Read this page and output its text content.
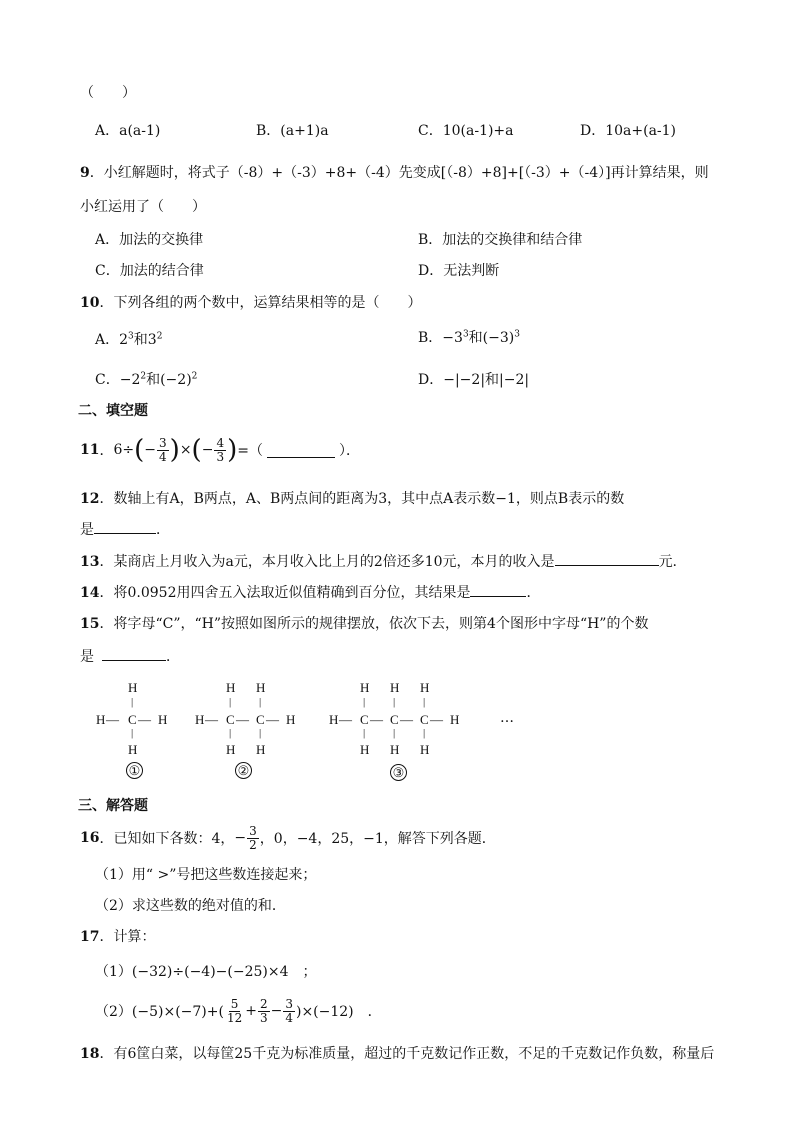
（　　）
A．a(a-1)	B．(a+1)a	C．10(a-1)+a	D．10a+(a-1)
9．小红解题时，将式子（-8）+（-3）+8+（-4）先变成[（-8）+8]+[（-3）+（-4）]再计算结果，则
小红运用了（　　）
A．加法的交换律	B．加法的交换律和结合律
C．加法的结合律	D．无法判断
10．下列各组的两个数中，运算结果相等的是（　　）
A．$2^3$和$3^2$	B．$-3^3$和$(-3)^3$
C．$-2^2$和$(-2)^2$	D．−|−2|和|−2|
二、填空题
11 ． 6÷ ( − $\frac{3}{4}$ ) × ( − $\frac{4}{3}$ ) =（	）．
12．数轴上有A，B两点，A、B两点间的距离为3，其中点A表示数−1，则点B表示的数
是	．
13．某商店上月收入为a元，本月收入比上月的2倍还多10元，本月的收入是	元.
14．将0.0952用四舍五入法取近似值精确到百分位，其结果是	．
15．将字母“C”，“H”按照如图所示的规律摆放，依次下去，则第4个图形中字母“H”的个数
是	．
H
|
H — C — H
|
H
①
H H
|	|
H — C — C — H
|	|
H H
②
H H H
|	|	|
H — C — C — C — H
|	|	|
H H H
③
…
三、解答题
16 ．已知如下各数：4， − $\frac{3}{2}$ ，0，−4，25，−1，解答下列各题．
（1）用“ >”号把这些数连接起来；
（2）求这些数的绝对值的和．
17．计算：
（1）(−32)÷(−4)−(−25)×4　；
$(2)(-5)\times(-7)+( \frac{5}{12} + \frac{2}{3} - \frac{3}{4} )\times(-12)$　．
18．有6筐白菜，以每筐25千克为标准质量，超过的千克数记作正数，不足的千克数记作负数，称量后
